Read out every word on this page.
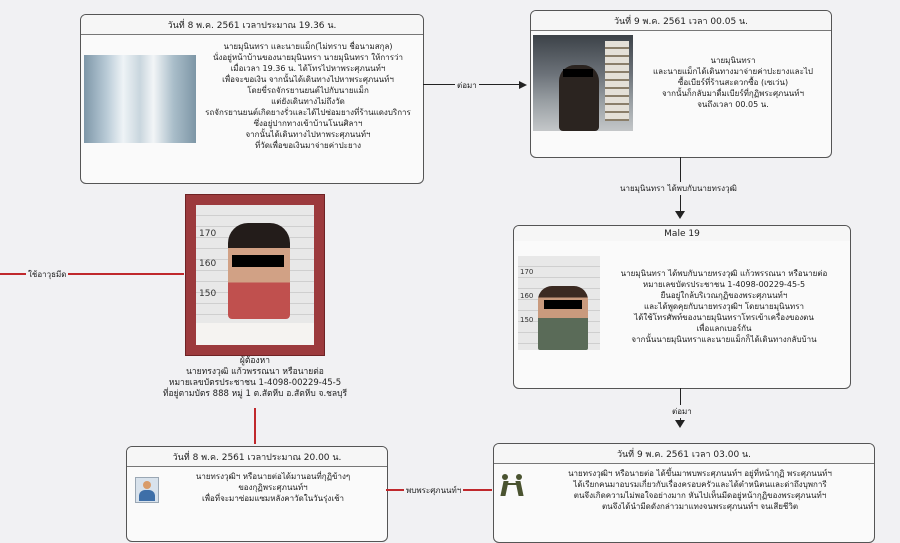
วันที่ 8 พ.ค. 2561 เวลาประมาณ 19.36 น.
นายมุนินทรา และนายแม็ก(ไม่ทราบ ชื่อนามสกุล)
นั่งอยู่หน้าบ้านของนายมุนินทรา นายมุนินทรา ให้การว่า
เมื่อเวลา 19.36 น. ได้โทรไปหาพระศุภนนท์ฯ
เพื่อจะขอเงิน จากนั้นได้เดินทางไปหาพระศุภนนท์ฯ
โดยขี่รถจักรยานยนต์ไปกับนายแม็ก
แต่ยังเดินทางไม่ถึงวัด
รถจักรยานยนต์เกิดยางรั่วและได้ไปซ่อมยางที่ร้านแดงบริการ
ซึ่งอยู่ปากทางเข้าบ้านโนนศิลาฯ
จากนั้นได้เดินทางไปหาพระศุภนนท์ฯ
ที่วัดเพื่อขอเงินมาจ่ายค่าปะยาง
ต่อมา
วันที่ 9 พ.ค. 2561 เวลา 00.05 น.
นายมุนินทรา
และนายแม็กได้เดินทางมาจ่ายค่าปะยางและไป
ซื้อเบียร์ที่ร้านสะดวกซื้อ (เซเว่น)
จากนั้นก็กลับมาดื่มเบียร์ที่กุฏิพระศุภนนท์ฯ
จนถึงเวลา 00.05 น.
นายมุนินทรา ได้พบกับนายทรงวุฒิ
Male 19
170
160
150
นายมุนินทรา ได้พบกับนายทรงวุฒิ แก้วพรรณนา หรือนายต่อ
หมายเลขบัตรประชาชน 1-4098-00229-45-5
ยืนอยู่ใกล้บริเวณกุฏิของพระศุภนนท์ฯ
และได้พูดคุยกับนายทรงวุฒิฯ โดยนายมุนินทรา
ได้ใช้โทรศัพท์ของนายมุนินทราโทรเข้าเครื่องของตน
เพื่อแลกเบอร์กัน
จากนั้นนายมุนินทราและนายแม็กก็ได้เดินทางกลับบ้าน
ต่อมา
170
160
150
ผู้ต้องหา
นายทรงวุฒิ แก้วพรรณนา หรือนายต่อ
หมายเลขบัตรประชาชน 1-4098-00229-45-5
ที่อยู่ตามบัตร 888 หมู่ 1 ต.สัตหีบ อ.สัตหีบ จ.ชลบุรี
ใช้อาวุธมีด
วันที่ 8 พ.ค. 2561 เวลาประมาณ 20.00 น.
นายทรงวุฒิฯ หรือนายต่อได้มานอนที่กุฏิข้างๆ
ของกุฏิพระศุภนนท์ฯ
เพื่อที่จะมาซ่อมแซมหลังคาวัดในวันรุ่งเช้า
พบพระศุภนนท์ฯ
วันที่ 9 พ.ค. 2561 เวลา 03.00 น.
นายทรงวุฒิฯ หรือนายต่อ ได้ขึ้นมาพบพระศุภนนท์ฯ อยู่ที่หน้ากุฏิ พระศุภนนท์ฯ
ได้เรียกคนมาอบรมเกี่ยวกับเรื่องครอบครัวและได้ตำหนิตนและด่าถึงบุพการี
ตนจึงเกิดความไม่พอใจอย่างมาก หันไปเห็นมีดอยู่หน้ากุฏิของพระศุภนนท์ฯ
ตนจึงได้นำมีดดังกล่าวมาแทงจนพระศุภนนท์ฯ จนเสียชีวิต
